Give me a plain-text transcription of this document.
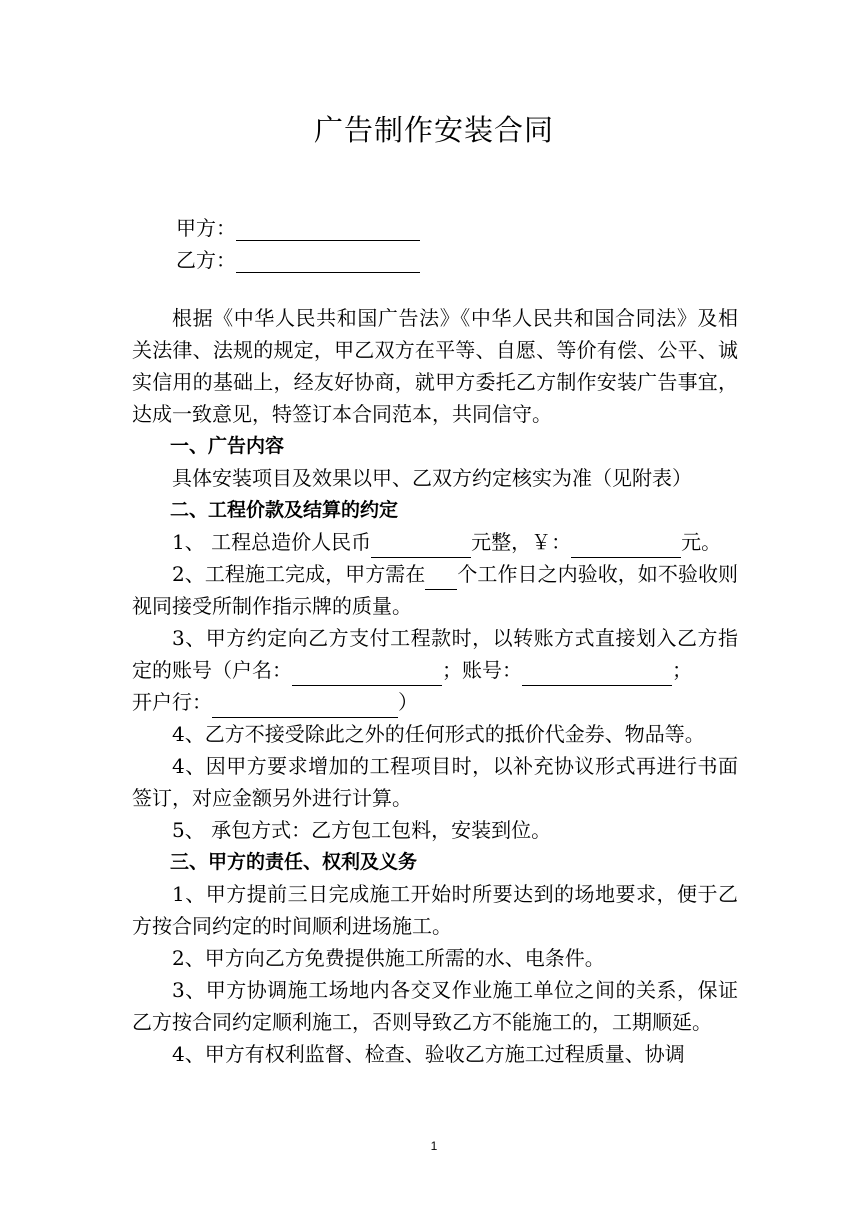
广告制作安装合同
甲方：
乙方：

根据《中华人民共和国广告法》《中华人民共和国合同法》及相关法律、法规的规定，甲乙双方在平等、自愿、等价有偿、公平、诚实信用的基础上，经友好协商，就甲方委托乙方制作安装广告事宜，达成一致意见，特签订本合同范本，共同信守。

一、广告内容

具体安装项目及效果以甲、乙双方约定核实为准（见附表）

二、工程价款及结算的约定

1、 工程总造价人民币	元整，￥：	元。

2、工程施工完成，甲方需在 个工作日之内验收，如不验收则视同接受所制作指示牌的质量。

3、甲方约定向乙方支付工程款时，以转账方式直接划入乙方指定的账号（户名：	；账号：	；

开户行：	）

4、乙方不接受除此之外的任何形式的抵价代金券、物品等。

4、因甲方要求增加的工程项目时，以补充协议形式再进行书面签订，对应金额另外进行计算。

5、 承包方式：乙方包工包料，安装到位。

三、甲方的责任、权利及义务

1、甲方提前三日完成施工开始时所要达到的场地要求，便于乙方按合同约定的时间顺利进场施工。

2、甲方向乙方免费提供施工所需的水、电条件。

3、甲方协调施工场地内各交叉作业施工单位之间的关系，保证乙方按合同约定顺利施工，否则导致乙方不能施工的，工期顺延。

4、甲方有权利监督、检查、验收乙方施工过程质量、协调

1
